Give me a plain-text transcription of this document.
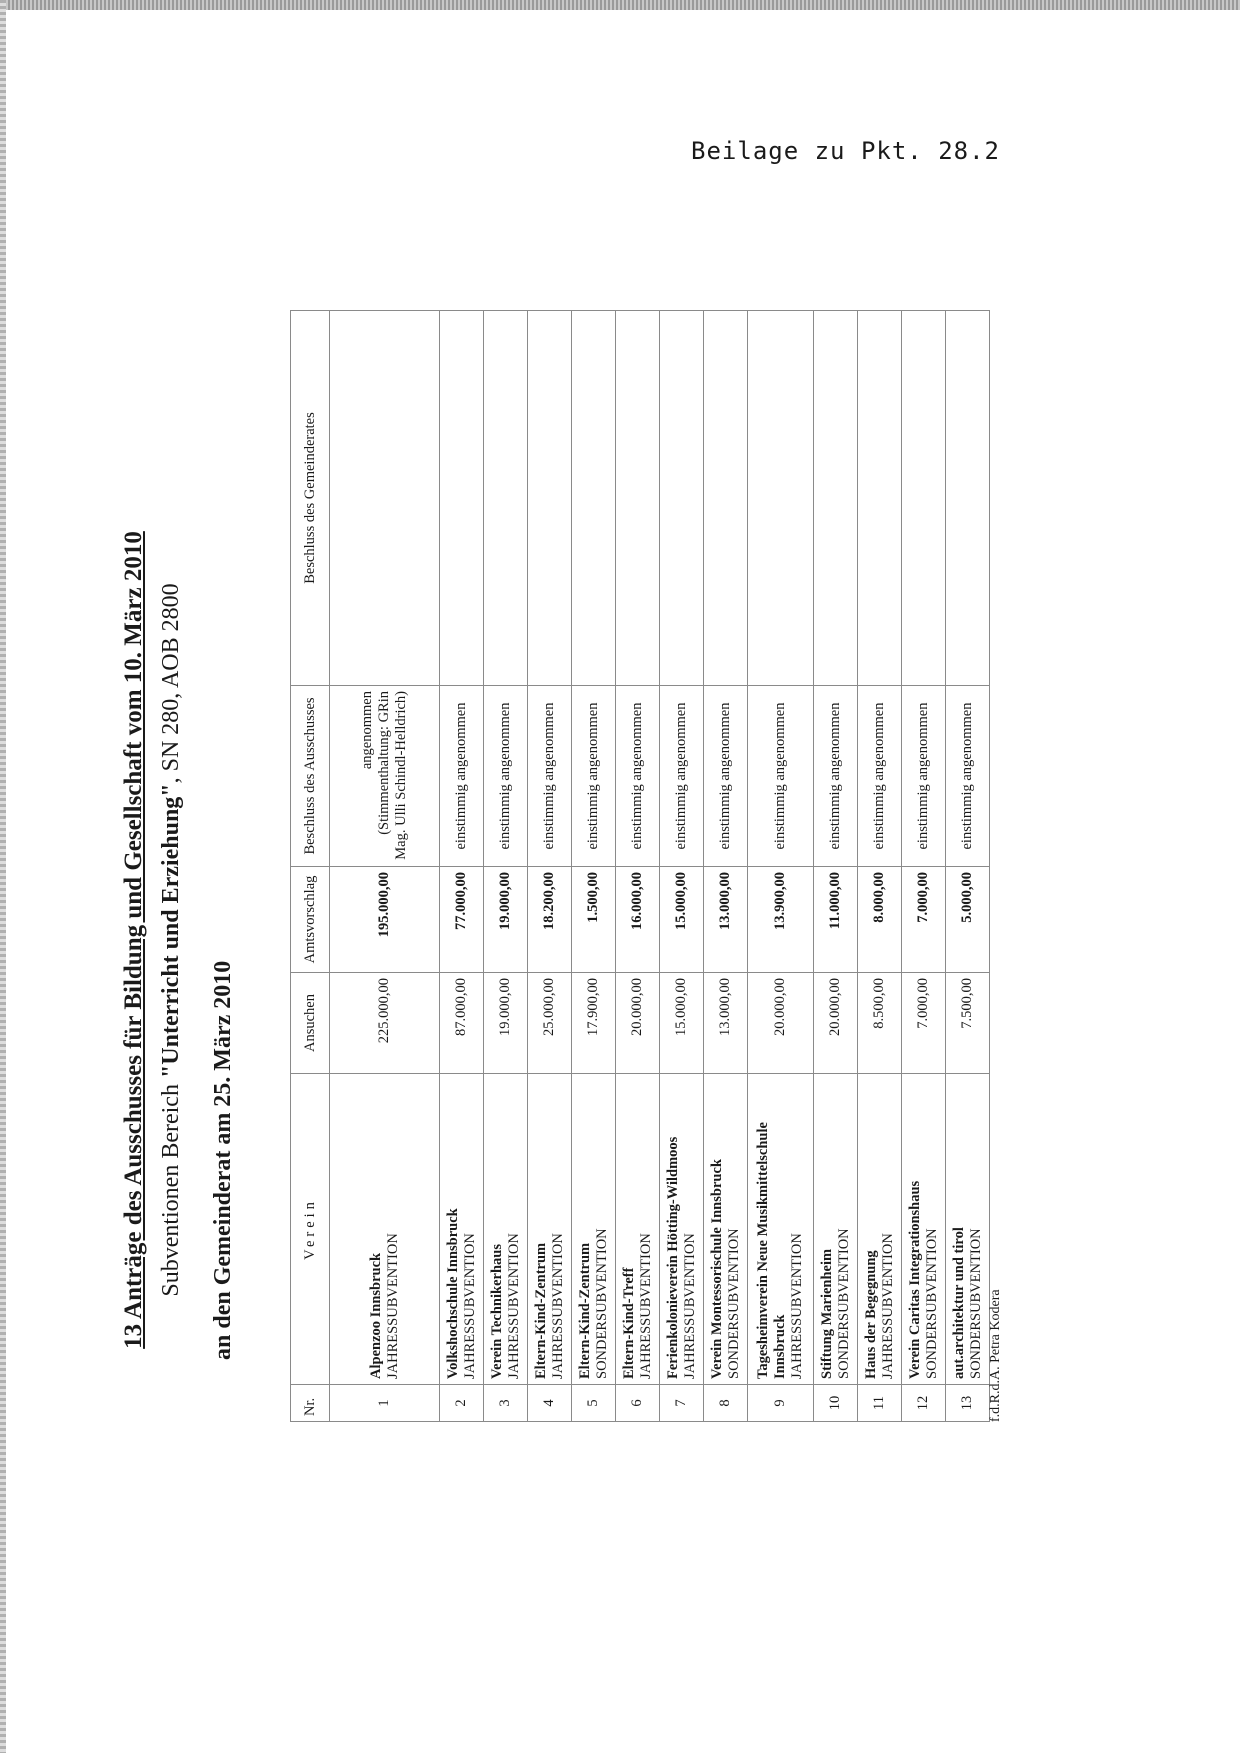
Beilage zu Pkt. 28.2
13 Anträge des Ausschusses für Bildung und Gesellschaft vom 10. März 2010 Subventionen Bereich "Unterricht und Erziehung", SN 280, AOB 2800
an den Gemeinderat am 25. März 2010
Nr.	Verein	Ansuchen	Amtsvorschlag	Beschluss des Ausschusses	Beschluss des Gemeinderates
1	Alpenzoo Innsbruck JAHRESSUBVENTION	225.000,00	195.000,00	angenommen (Stimmenthaltung: GRin Mag. Ulli Schindl-Helldrich)	
2	Volkshochschule Innsbruck JAHRESSUBVENTION	87.000,00	77.000,00	einstimmig angenommen	
3	Verein Technikerhaus JAHRESSUBVENTION	19.000,00	19.000,00	einstimmig angenommen	
4	Eltern-Kind-Zentrum JAHRESSUBVENTION	25.000,00	18.200,00	einstimmig angenommen	
5	Eltern-Kind-Zentrum SONDERSUBVENTION	17.900,00	1.500,00	einstimmig angenommen	
6	Eltern-Kind-Treff JAHRESSUBVENTION	20.000,00	16.000,00	einstimmig angenommen	
7	Ferienkolonieverein Hötting-Wildmoos JAHRESSUBVENTION	15.000,00	15.000,00	einstimmig angenommen	
8	Verein Montessorischule Innsbruck SONDERSUBVENTION	13.000,00	13.000,00	einstimmig angenommen	
9	Tagesheimverein Neue Musikmittelschule Innsbruck JAHRESSUBVENTION	20.000,00	13.900,00	einstimmig angenommen	
10	Stiftung Marienheim SONDERSUBVENTION	20.000,00	11.000,00	einstimmig angenommen	
11	Haus der Begegnung JAHRESSUBVENTION	8.500,00	8.000,00	einstimmig angenommen	
12	Verein Caritas Integrationshaus SONDERSUBVENTION	7.000,00	7.000,00	einstimmig angenommen	
13	aut.architektur und tirol SONDERSUBVENTION	7.500,00	5.000,00	einstimmig angenommen	
f.d.R.d.A. Petra Kodera
